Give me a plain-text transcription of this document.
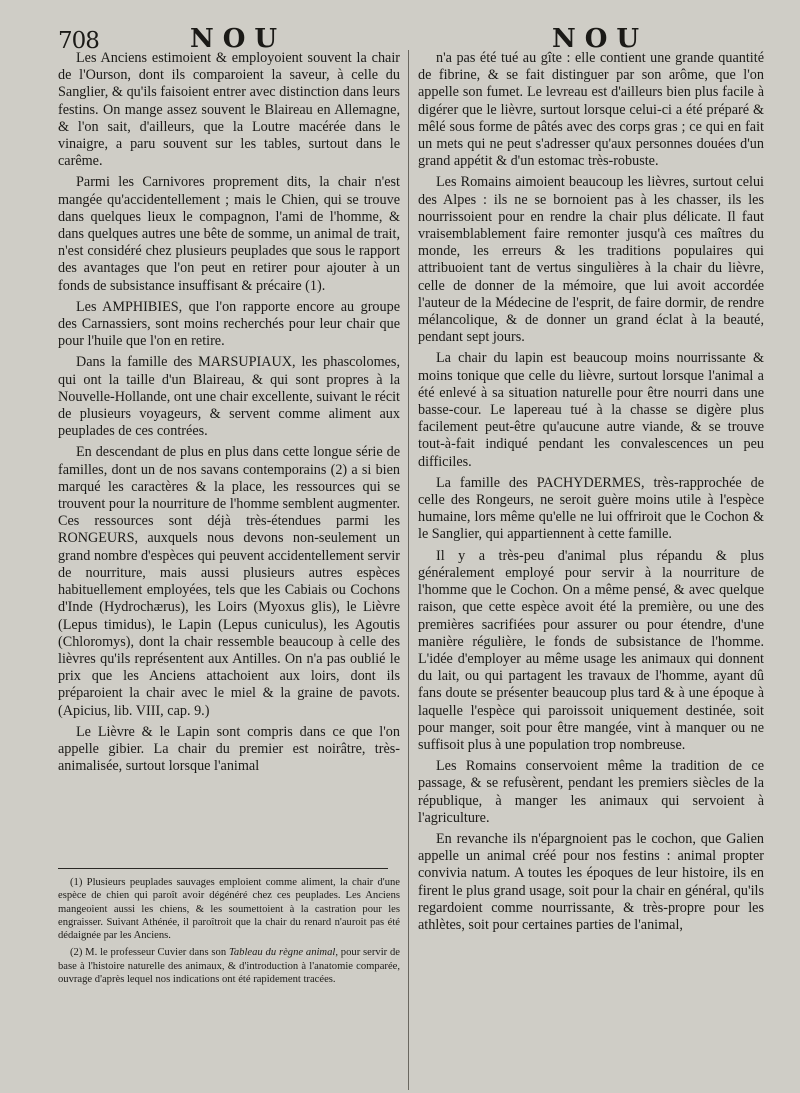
708	NOU	NOU

Les Anciens estimoient & employoient souvent la chair de l'Ourson, dont ils comparoient la saveur, à celle du Sanglier, & qu'ils faisoient entrer avec distinction dans leurs festins. On mange assez souvent le Blaireau en Allemagne, & l'on sait, d'ailleurs, que la Loutre macérée dans le vinaigre, a paru souvent sur les tables, surtout dans le carême.

Parmi les Carnivores proprement dits, la chair n'est mangée qu'accidentellement ; mais le Chien, qui se trouve dans quelques lieux le compagnon, l'ami de l'homme, & dans quelques autres une bête de somme, un animal de trait, n'est considéré chez plusieurs peuplades que sous le rapport des avantages que l'on peut en retirer pour ajouter à un fonds de subsistance insuffisant & précaire (1).

Les AMPHIBIES, que l'on rapporte encore au groupe des Carnassiers, sont moins recherchés pour leur chair que pour l'huile que l'on en retire.

Dans la famille des MARSUPIAUX, les phascolomes, qui ont la taille d'un Blaireau, & qui sont propres à la Nouvelle-Hollande, ont une chair excellente, suivant le récit de plusieurs voyageurs, & servent comme aliment aux peuplades de ces contrées.

En descendant de plus en plus dans cette longue série de familles, dont un de nos savans contemporains (2) a si bien marqué les caractères & la place, les ressources qui se trouvent pour la nourriture de l'homme semblent augmenter. Ces ressources sont déjà très-étendues parmi les RONGEURS, auxquels nous devons non-seulement un grand nombre d'espèces qui peuvent accidentellement servir de nourriture, mais aussi plusieurs autres espèces habituellement employées, tels que les Cabiais ou Cochons d'Inde (Hydrochærus), les Loirs (Myoxus glis), le Lièvre (Lepus timidus), le Lapin (Lepus cuniculus), les Agoutis (Chloromys), dont la chair ressemble beaucoup à celle des lièvres qu'ils représentent aux Antilles. On n'a pas oublié le prix que les Anciens attachoient aux loirs, dont ils préparoient la chair avec le miel & la graine de pavots. (Apicius, lib. VIII, cap. 9.)

Le Lièvre & le Lapin sont compris dans ce que l'on appelle gibier. La chair du premier est noirâtre, très-animalisée, surtout lorsque l'animal

n'a pas été tué au gîte : elle contient une grande quantité de fibrine, & se fait distinguer par son arôme, que l'on appelle son fumet. Le levreau est d'ailleurs bien plus facile à digérer que le lièvre, surtout lorsque celui-ci a été préparé & mêlé sous forme de pâtés avec des corps gras ; ce qui en fait un mets qui ne peut s'adresser qu'aux personnes douées d'un grand appétit & d'un estomac très-robuste.

Les Romains aimoient beaucoup les lièvres, surtout celui des Alpes : ils ne se bornoient pas à les chasser, ils les nourrissoient pour en rendre la chair plus délicate. Il faut vraisemblablement faire remonter jusqu'à ces maîtres du monde, les erreurs & les traditions populaires qui attribuoient tant de vertus singulières à la chair du lièvre, celle de donner de la mémoire, que lui avoit accordée l'auteur de la Médecine de l'esprit, de faire dormir, de rendre mélancolique, & de donner un grand éclat à la beauté, pendant sept jours.

La chair du lapin est beaucoup moins nourrissante & moins tonique que celle du lièvre, surtout lorsque l'animal a été enlevé à sa situation naturelle pour être nourri dans une basse-cour. Le lapereau tué à la chasse se digère plus facilement peut-être qu'aucune autre viande, & se trouve tout-à-fait indiqué pendant les convalescences un peu difficiles.

La famille des PACHYDERMES, très-rapprochée de celle des Rongeurs, ne seroit guère moins utile à l'espèce humaine, lors même qu'elle ne lui offriroit que le Cochon & le Sanglier, qui appartiennent à cette famille.

Il y a très-peu d'animal plus répandu & plus généralement employé pour servir à la nourriture de l'homme que le Cochon. On a même pensé, & avec quelque raison, que cette espèce avoit été la première, ou une des premières sacrifiées pour assurer ou pour étendre, d'une manière régulière, le fonds de subsistance de l'homme. L'idée d'employer au même usage les animaux qui donnent du lait, ou qui partagent les travaux de l'homme, ayant dû fans doute se présenter beaucoup plus tard & à une époque à laquelle l'espèce qui paroissoit uniquement destinée, soit pour manger, soit pour être mangée, vint à manquer ou ne suffisoit plus à une population trop nombreuse.

Les Romains conservoient même la tradition de ce passage, & se refusèrent, pendant les premiers siècles de la république, à manger les animaux qui servoient à l'agriculture.

En revanche ils n'épargnoient pas le cochon, que Galien appelle un animal créé pour nos festins : animal propter convivia natum. A toutes les époques de leur histoire, ils en firent le plus grand usage, soit pour la chair en général, qu'ils regardoient comme nourrissante, & très-propre pour les athlètes, soit pour certaines parties de l'animal,

(1) Plusieurs peuplades sauvages emploient comme aliment, la chair d'une espèce de chien qui paroît avoir dégénéré chez ces peuplades. Les Anciens mangeoient aussi les chiens, & les soumettoient à la castration pour les engraisser. Suivant Athénée, il paroîtroit que la chair du renard n'auroit pas été dédaignée par les Anciens.

(2) M. le professeur Cuvier dans son Tableau du règne animal, pour servir de base à l'histoire naturelle des animaux, & d'introduction à l'anatomie comparée, ouvrage d'après lequel nos indications ont été rapidement tracées.
